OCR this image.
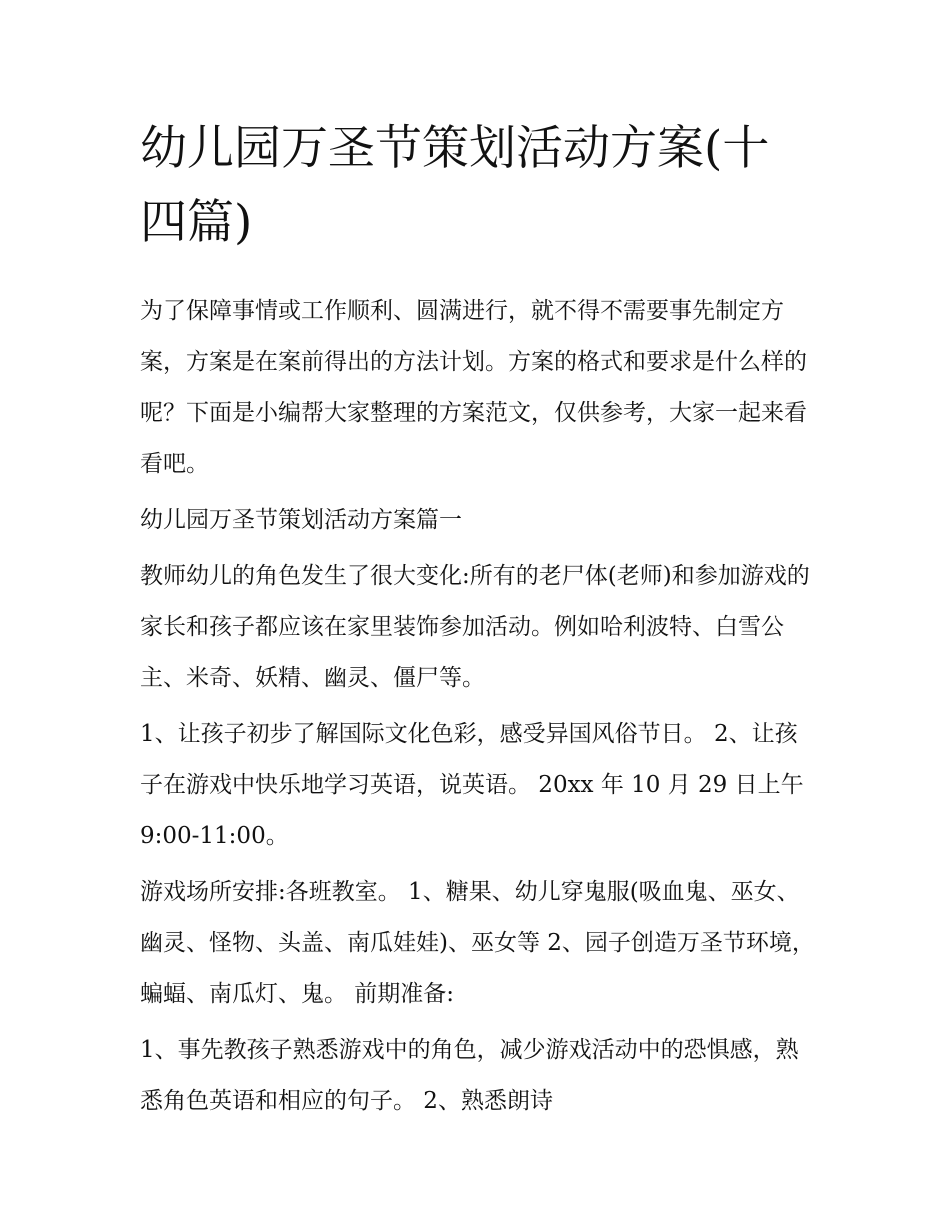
幼儿园万圣节策划活动方案(十四篇)

为了保障事情或工作顺利、圆满进行，就不得不需要事先制定方案，方案是在案前得出的方法计划。方案的格式和要求是什么样的呢？下面是小编帮大家整理的方案范文，仅供参考，大家一起来看看吧。

幼儿园万圣节策划活动方案篇一

教师幼儿的角色发生了很大变化:所有的老尸体(老师)和参加游戏的家长和孩子都应该在家里装饰参加活动。例如哈利波特、白雪公主、米奇、妖精、幽灵、僵尸等。

1、让孩子初步了解国际文化色彩，感受异国风俗节日。 2、让孩子在游戏中快乐地学习英语，说英语。 20xx 年 10 月 29 日上午 9:00-11:00。

游戏场所安排:各班教室。 1、糖果、幼儿穿鬼服(吸血鬼、巫女、幽灵、怪物、头盖、南瓜娃娃)、巫女等 2、园子创造万圣节环境，蝙蝠、南瓜灯、鬼。 前期准备:

1、事先教孩子熟悉游戏中的角色，减少游戏活动中的恐惧感，熟悉角色英语和相应的句子。 2、熟悉朗诗
